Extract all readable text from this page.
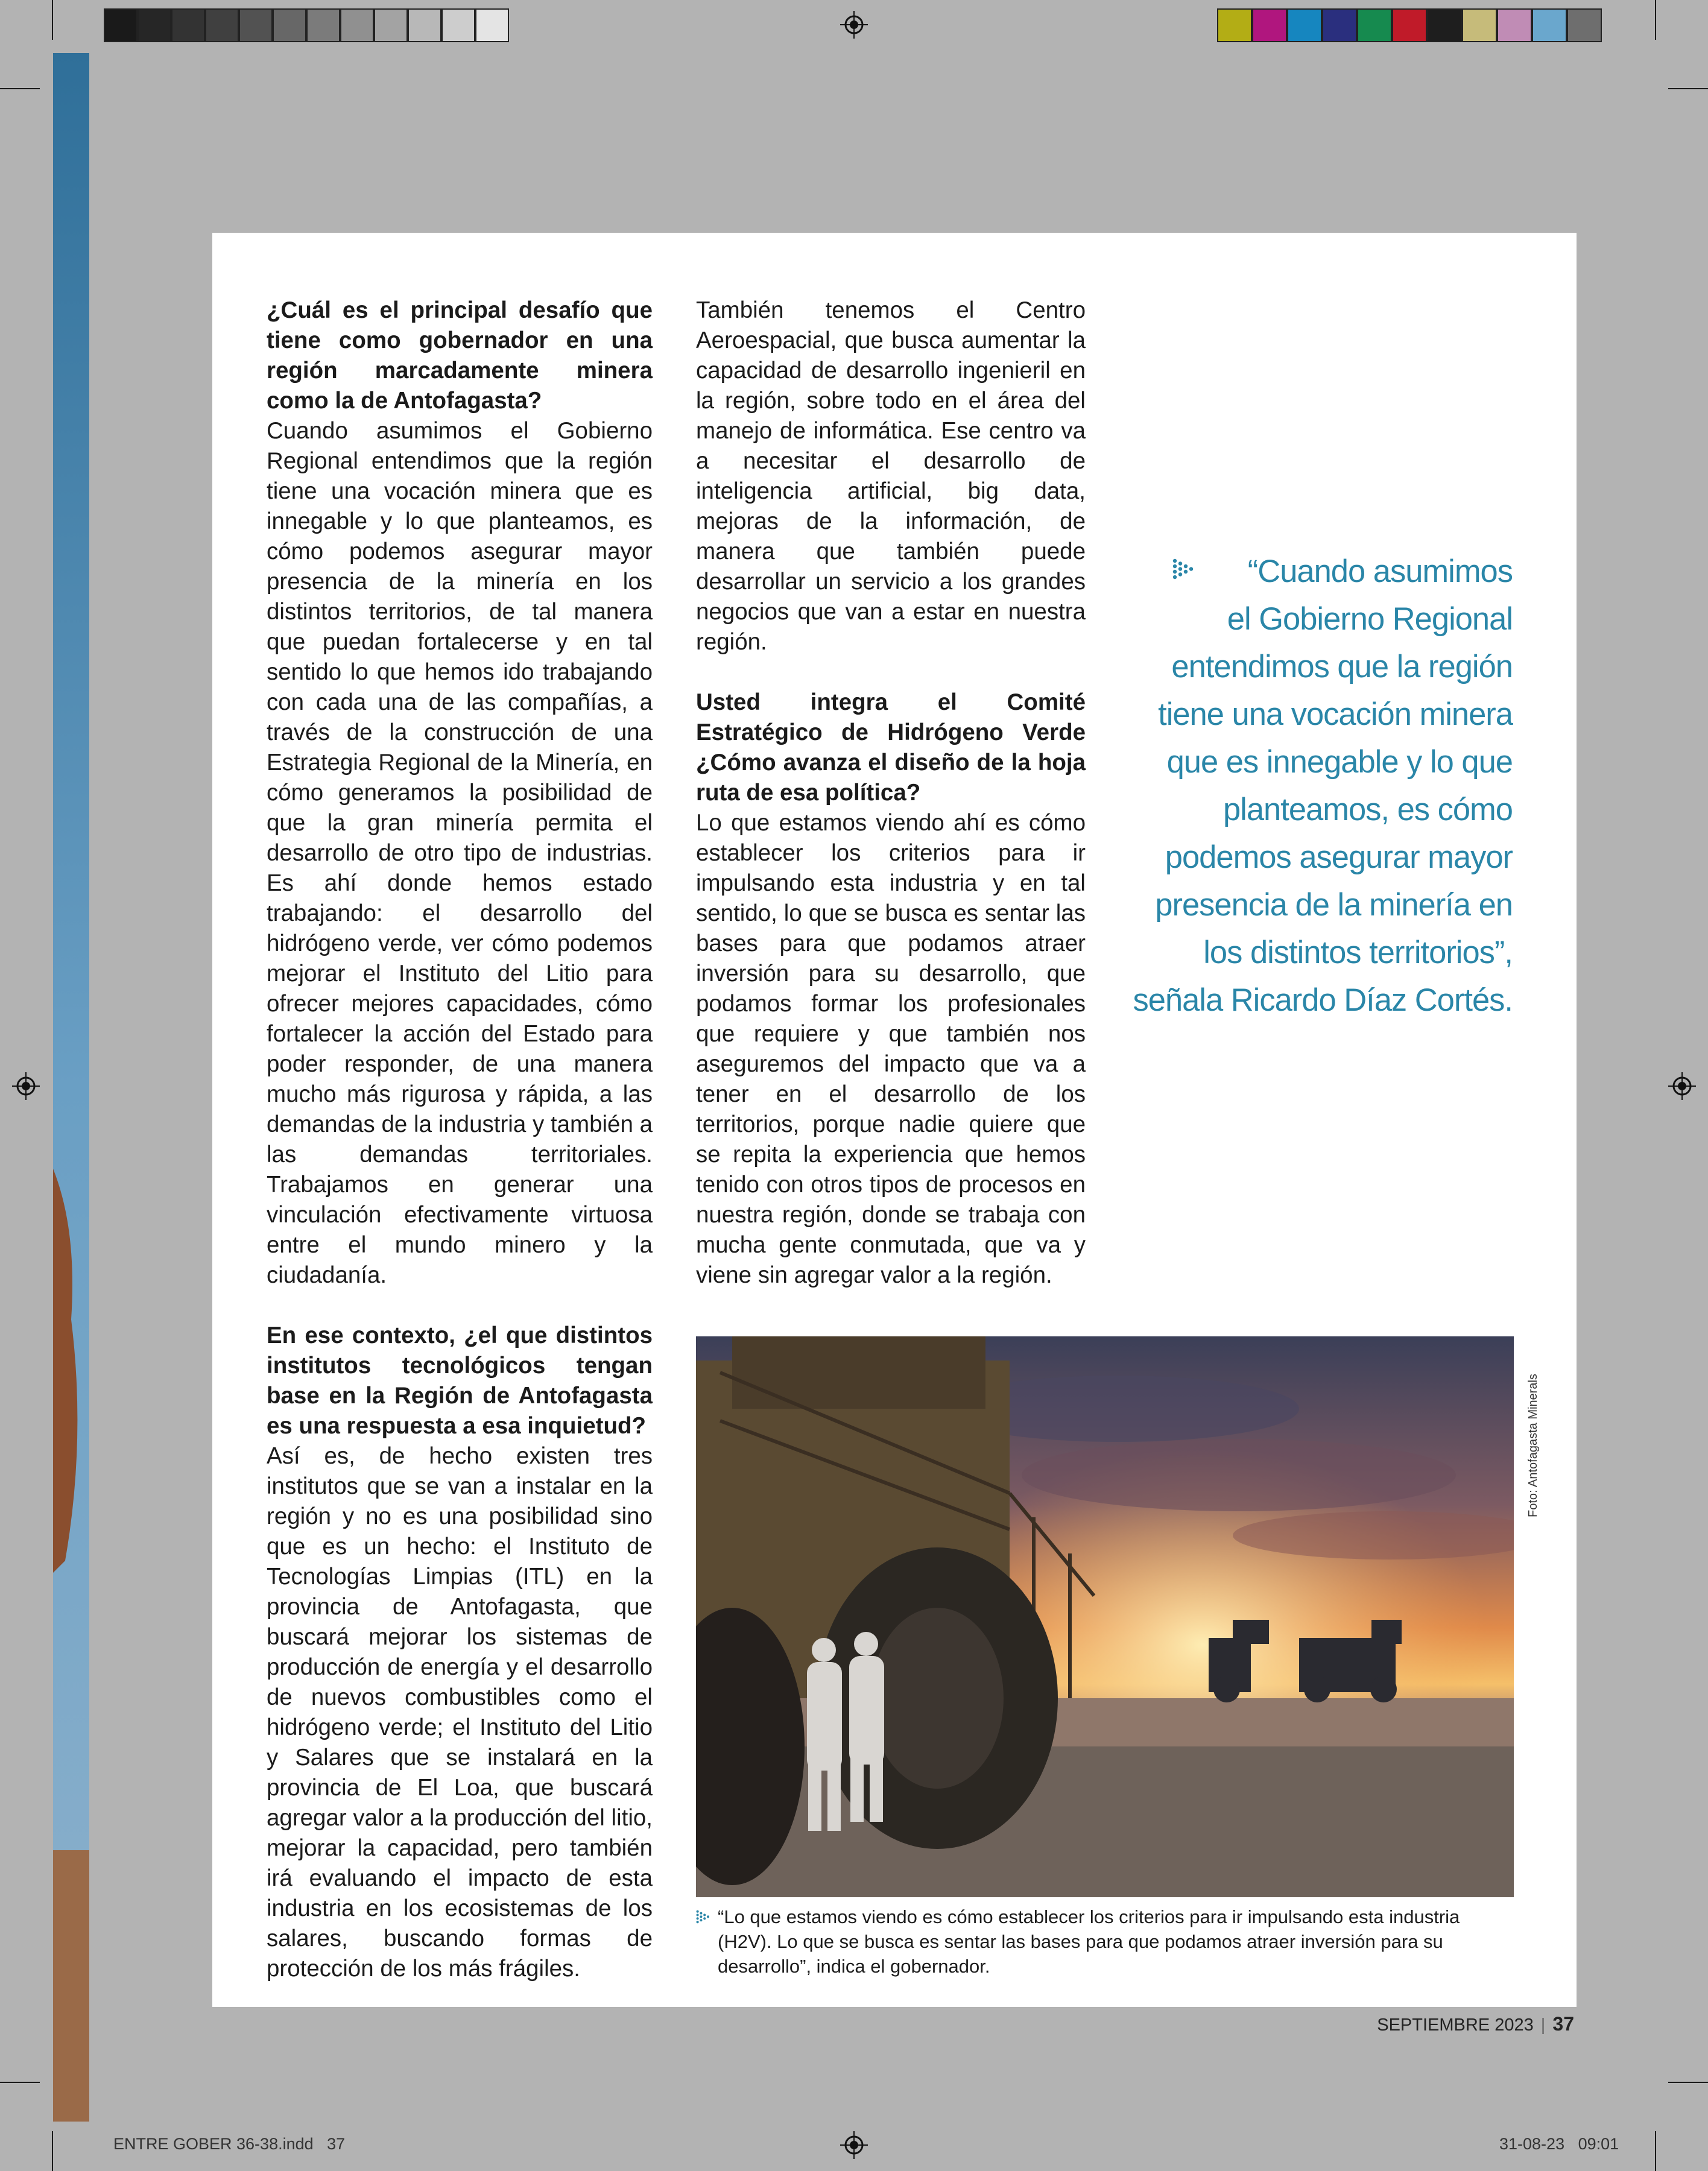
¿Cuál es el principal desafío que tiene como gobernador en una región marcadamente minera como la de Antofagasta?

Cuando asumimos el Gobierno Regional entendimos que la región tiene una vocación minera que es innegable y lo que planteamos, es cómo podemos asegurar mayor presencia de la minería en los distintos territorios, de tal manera que puedan fortalecerse y en tal sentido lo que hemos ido trabajando con cada una de las compañías, a través de la construcción de una Estrategia Regional de la Minería, en cómo generamos la posibilidad de que la gran minería permita el desarrollo de otro tipo de industrias. Es ahí donde hemos estado trabajando: el desarrollo del hidrógeno verde, ver cómo podemos mejorar el Instituto del Litio para ofrecer mejores capacidades, cómo fortalecer la acción del Estado para poder responder, de una manera mucho más rigurosa y rápida, a las demandas de la industria y también a las demandas territoriales. Trabajamos en generar una vinculación efectivamente virtuosa entre el mundo minero y la ciudadanía.

En ese contexto, ¿el que distintos institutos tecnológicos tengan base en la Región de Antofagasta es una respuesta a esa inquietud?

Así es, de hecho existen tres institutos que se van a instalar en la región y no es una posibilidad sino que es un hecho: el Instituto de Tecnologías Limpias (ITL) en la provincia de Antofagasta, que buscará mejorar los sistemas de producción de energía y el desarrollo de nuevos combustibles como el hidrógeno verde; el Instituto del Litio y Salares que se instalará en la provincia de El Loa, que buscará agregar valor a la producción del litio, mejorar la capacidad, pero también irá evaluando el impacto de esta industria en los ecosistemas de los salares, buscando formas de protección de los más frágiles.

También tenemos el Centro Aeroespacial, que busca aumentar la capacidad de desarrollo ingenieril en la región, sobre todo en el área del manejo de informática. Ese centro va a necesitar el desarrollo de inteligencia artificial, big data, mejoras de la información, de manera que también puede desarrollar un servicio a los grandes negocios que van a estar en nuestra región.

Usted integra el Comité Estratégico de Hidrógeno Verde ¿Cómo avanza el diseño de la hoja ruta de esa política?

Lo que estamos viendo ahí es cómo establecer los criterios para ir impulsando esta industria y en tal sentido, lo que se busca es sentar las bases para que podamos atraer inversión para su desarrollo, que podamos formar los profesionales que requiere y que también nos aseguremos del impacto que va a tener en el desarrollo de los territorios, porque nadie quiere que se repita la experiencia que hemos tenido con otros tipos de procesos en nuestra región, donde se trabaja con mucha gente conmutada, que va y viene sin agregar valor a la región.

“Cuando asumimos
el Gobierno Regional
entendimos que la región
tiene una vocación minera
que es innegable y lo que
planteamos, es cómo
podemos asegurar mayor
presencia de la minería en
los distintos territorios”,
señala Ricardo Díaz Cortés.
Foto: Antofagasta Minerals
“Lo que estamos viendo es cómo establecer los criterios para ir impulsando esta industria (H2V). Lo que se busca es sentar las bases para que podamos atraer inversión para su desarrollo”, indica el gobernador.
SEPTIEMBRE 2023 | 37
ENTRE GOBER 36-38.indd   37	31-08-23   09:01
